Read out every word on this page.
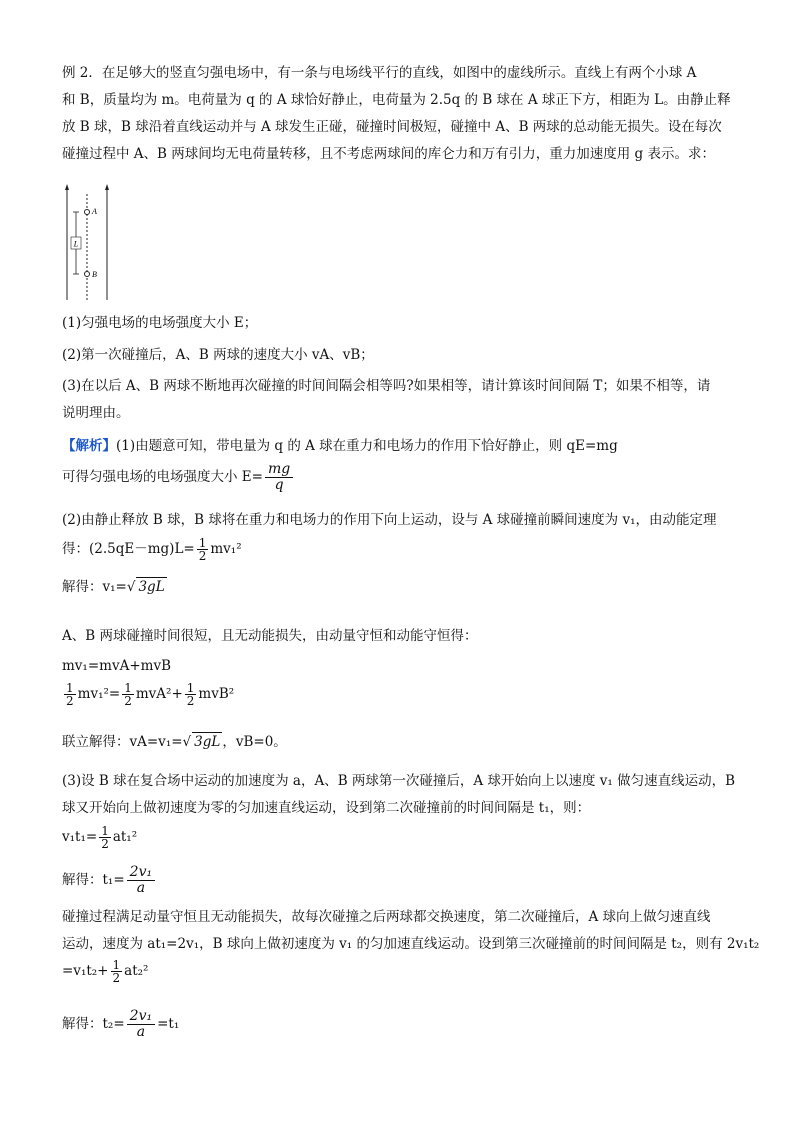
例 2．在足够大的竖直匀强电场中，有一条与电场线平行的直线，如图中的虚线所示。直线上有两个小球 A
和 B，质量均为 m。电荷量为 q 的 A 球恰好静止，电荷量为 2.5q 的 B 球在 A 球正下方，相距为 L。由静止释
放 B 球，B 球沿着直线运动并与 A 球发生正碰，碰撞时间极短，碰撞中 A、B 两球的总动能无损失。设在每次
碰撞过程中 A、B 两球间均无电荷量转移，且不考虑两球间的库仑力和万有引力，重力加速度用 g 表示。求：
L
A
B
(1)匀强电场的电场强度大小 E；
(2)第一次碰撞后，A、B 两球的速度大小 vA、vB；
(3)在以后 A、B 两球不断地再次碰撞的时间间隔会相等吗?如果相等，请计算该时间间隔 T；如果不相等，请
说明理由。
【解析】(1)由题意可知，带电量为 q 的 A 球在重力和电场力的作用下恰好静止，则 qE=mg
可得匀强电场的电场强度大小 $E= \frac{mg}{q}$
(2)由静止释放 B 球，B 球将在重力和电场力的作用下向上运动，设与 A 球碰撞前瞬间速度为 v₁，由动能定理
得：$(2.5qE-mg)L= \frac{1}{2} mv_1^2$
解得：v₁=√ 3gL
A、B 两球碰撞时间很短，且无动能损失，由动量守恒和动能守恒得：
mv₁=mvA+mvB
$\frac{1}{2} mv_1^2= \frac{1}{2} mvA^2+ \frac{1}{2} mvB^2$
联立解得：vA=v₁=√ 3gL ，vB=0。
(3)设 B 球在复合场中运动的加速度为 a，A、B 两球第一次碰撞后，A 球开始向上以速度 v₁ 做匀速直线运动，B
球又开始向上做初速度为零的匀加速直线运动，设到第二次碰撞前的时间间隔是 t₁，则：
$v_1t_1= \frac{1}{2} at_1^2$
解得：$t_1= \frac{\text{2v₁}}{a}$
碰撞过程满足动量守恒且无动能损失，故每次碰撞之后两球都交换速度，第二次碰撞后，A 球向上做匀速直线
运动，速度为 at₁=2v₁，B 球向上做初速度为 v₁ 的匀加速直线运动。设到第三次碰撞前的时间间隔是 t₂，则有 2v₁t₂
$=v_1t_2+ \frac{1}{2} at_2^2$
解得：$t_2= \frac{\text{2v₁}}{a} =t_1$
